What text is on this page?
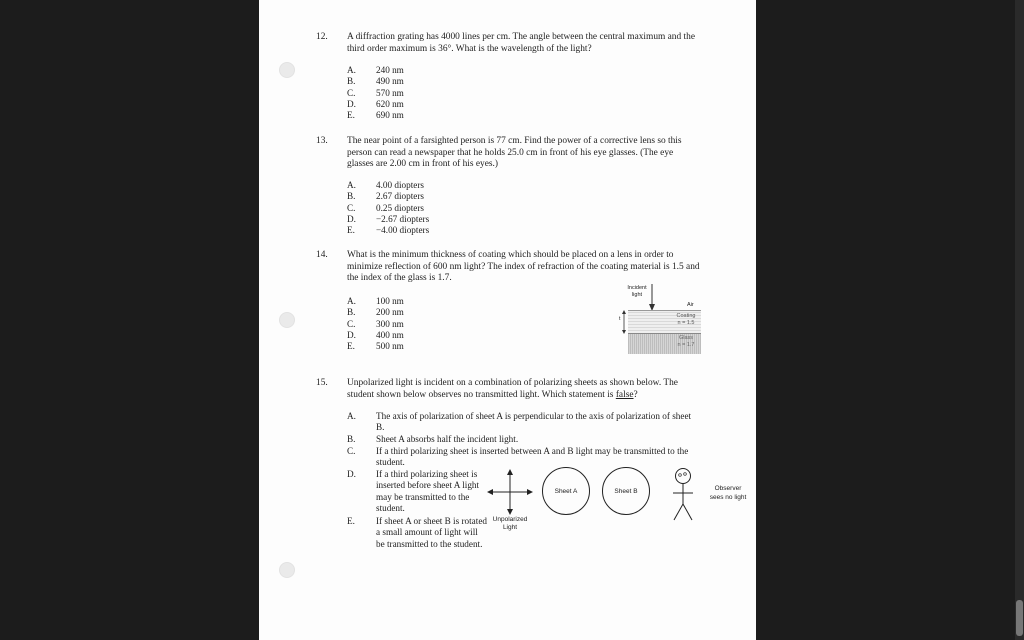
12. A diffraction grating has 4000 lines per cm. The angle between the central maximum and the third order maximum is 36°. What is the wavelength of the light?
A. 240 nm
B. 490 nm
C. 570 nm
D. 620 nm
E. 690 nm
13. The near point of a farsighted person is 77 cm. Find the power of a corrective lens so this person can read a newspaper that he holds 25.0 cm in front of his eye glasses. (The eye glasses are 2.00 cm in front of his eyes.)
A. 4.00 diopters
B. 2.67 diopters
C. 0.25 diopters
D. −2.67 diopters
E. −4.00 diopters
14. What is the minimum thickness of coating which should be placed on a lens in order to minimize reflection of 600 nm light? The index of refraction of the coating material is 1.5 and the index of the glass is 1.7.
A. 100 nm
B. 200 nm
C. 300 nm
D. 400 nm
E. 500 nm
Incident
light
Air
Coating
n = 1.5
Glass
n = 1.7
t
15. Unpolarized light is incident on a combination of polarizing sheets as shown below. The student shown below observes no transmitted light. Which statement is false?
A. The axis of polarization of sheet A is perpendicular to the axis of polarization of sheet B.
B. Sheet A absorbs half the incident light.
C. If a third polarizing sheet is inserted between A and B light may be transmitted to the student.
D. If a third polarizing sheet is inserted before sheet A light may be transmitted to the student.
E. If sheet A or sheet B is rotated a small amount of light will be transmitted to the student.
Unpolarized
Light
Sheet A	Sheet B	Observer
sees no light
